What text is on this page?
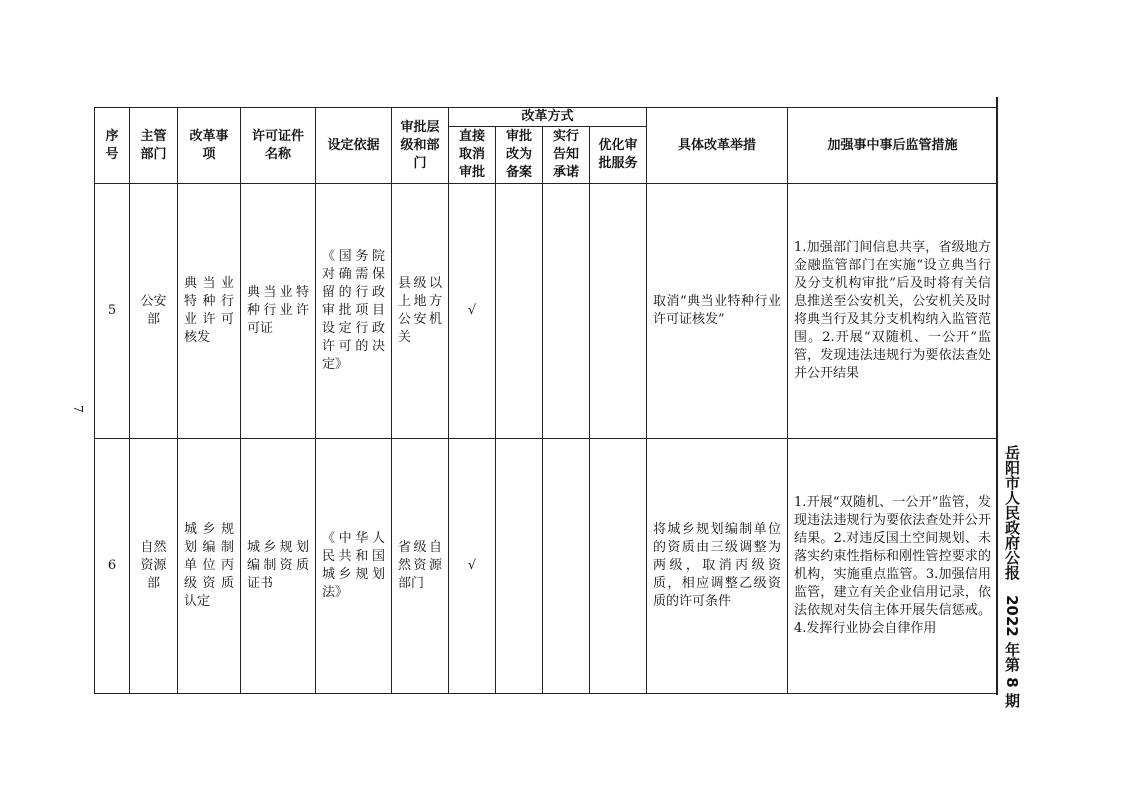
岳阳市人民政府公报　2022 年第 8 期
7
序号	主管部门	改革事项	许可证件名称	设定依据	审批层级和部门	改革方式				具体改革举措	加强事中事后监管措施
						直接取消审批	审批改为备案	实行告知承诺	优化审批服务		
5	公安部	典当业特种行业许可核发	典当业特种行业许可证	《国务院对确需保留的行政审批项目设定行政许可的决定》	县级以上地方公安机关	√				取消“典当业特种行业许可证核发”	1.加强部门间信息共享，省级地方金融监管部门在实施“设立典当行及分支机构审批”后及时将有关信息推送至公安机关，公安机关及时将典当行及其分支机构纳入监管范围。2.开展“双随机、一公开”监管，发现违法违规行为要依法查处并公开结果
6	自然资源部	城乡规划编制单位丙级资质认定	城乡规划编制资质证书	《中华人民共和国城乡规划法》	省级自然资源部门	√				将城乡规划编制单位的资质由三级调整为两级，取消丙级资质，相应调整乙级资质的许可条件	1.开展“双随机、一公开”监管，发现违法违规行为要依法查处并公开结果。2.对违反国土空间规划、未落实约束性指标和刚性管控要求的机构，实施重点监管。3.加强信用监管，建立有关企业信用记录，依法依规对失信主体开展失信惩戒。4.发挥行业协会自律作用
